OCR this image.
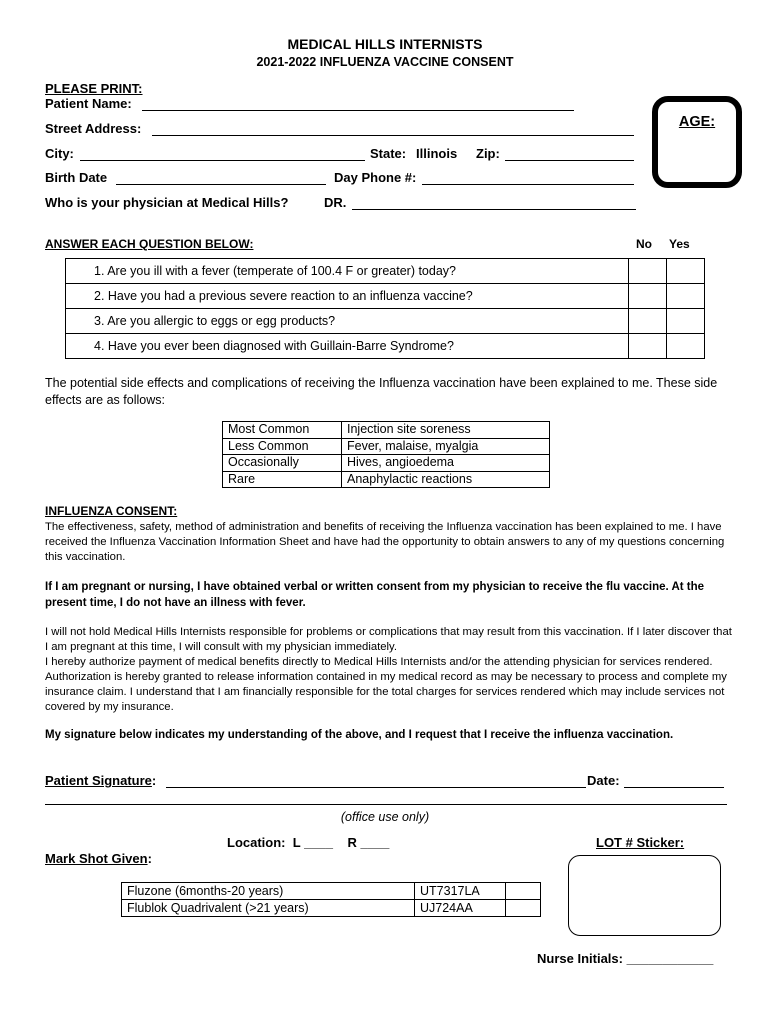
MEDICAL HILLS INTERNISTS
2021-2022 INFLUENZA VACCINE CONSENT
PLEASE PRINT:
Patient Name:
Street Address:
City:	State: Illinois Zip:
Birth Date	Day Phone #:
Who is your physician at Medical Hills?	DR.
AGE:
ANSWER EACH QUESTION BELOW:	No Yes
1. Are you ill with a fever (temperate of 100.4 F or greater) today?		
2. Have you had a previous severe reaction to an influenza vaccine?		
3. Are you allergic to eggs or egg products?		
4. Have you ever been diagnosed with Guillain-Barre Syndrome?		
The potential side effects and complications of receiving the Influenza vaccination have been explained to me. These side effects are as follows:
Most Common	Injection site soreness
Less Common	Fever, malaise, myalgia
Occasionally	Hives, angioedema
Rare	Anaphylactic reactions
INFLUENZA CONSENT:
The effectiveness, safety, method of administration and benefits of receiving the Influenza vaccination has been explained to me. I have received the Influenza Vaccination Information Sheet and have had the opportunity to obtain answers to any of my questions concerning this vaccination.
If I am pregnant or nursing, I have obtained verbal or written consent from my physician to receive the flu vaccine. At the present time, I do not have an illness with fever.
I will not hold Medical Hills Internists responsible for problems or complications that may result from this vaccination. If I later discover that I am pregnant at this time, I will consult with my physician immediately.
I hereby authorize payment of medical benefits directly to Medical Hills Internists and/or the attending physician for services rendered. Authorization is hereby granted to release information contained in my medical record as may be necessary to process and complete my insurance claim. I understand that I am financially responsible for the total charges for services rendered which may include services not covered by my insurance.
My signature below indicates my understanding of the above, and I request that I receive the influenza vaccination.
Patient Signature:	Date:
(office use only)
Location: L ____ R ____	LOT # Sticker:
Mark Shot Given:
Fluzone (6months-20 years)	UT7317LA	
Flublok Quadrivalent (>21 years)	UJ724AA	
Nurse Initials: ____________
